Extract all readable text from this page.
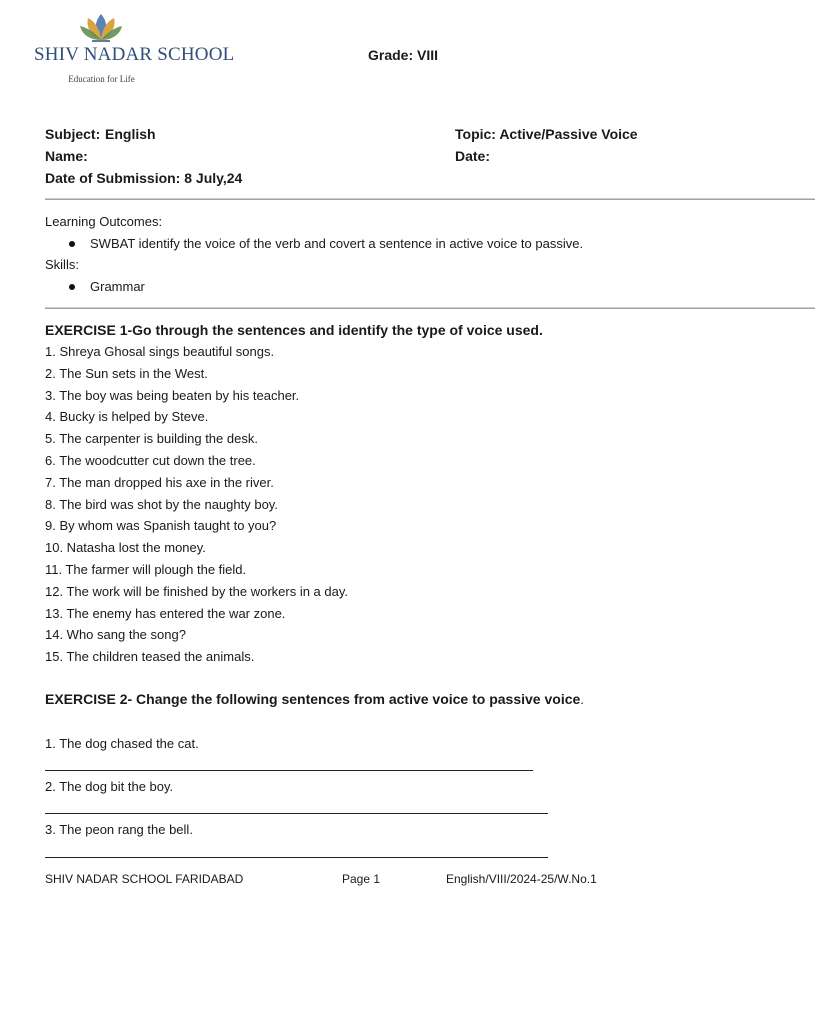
SHIV NADAR SCHOOL
Education for Life
Grade: VIII
Subject: English	Topic: Active/Passive Voice
Name:	Date:
Date of Submission: 8 July,24
——————————————————————————————————————————————————————————————————————
Learning Outcomes:
SWBAT identify the voice of the verb and covert a sentence in active voice to passive.
Skills:
Grammar
——————————————————————————————————————————————————————————————————————
EXERCISE 1-Go through the sentences and identify the type of voice used.
1. Shreya Ghosal sings beautiful songs.
2. The Sun sets in the West.
3. The boy was being beaten by his teacher.
4. Bucky is helped by Steve.
5. The carpenter is building the desk.
6. The woodcutter cut down the tree.
7. The man dropped his axe in the river.
8. The bird was shot by the naughty boy.
9. By whom was Spanish taught to you?
10. Natasha lost the money.
11. The farmer will plough the field.
12. The work will be finished by the workers in a day.
13. The enemy has entered the war zone.
14. Who sang the song?
15. The children teased the animals.
EXERCISE 2- Change the following sentences from active voice to passive voice.
1. The dog chased the cat.
2. The dog bit the boy.
3. The peon rang the bell.
SHIV NADAR SCHOOL FARIDABAD	Page 1	English/VIII/2024-25/W.No.1
